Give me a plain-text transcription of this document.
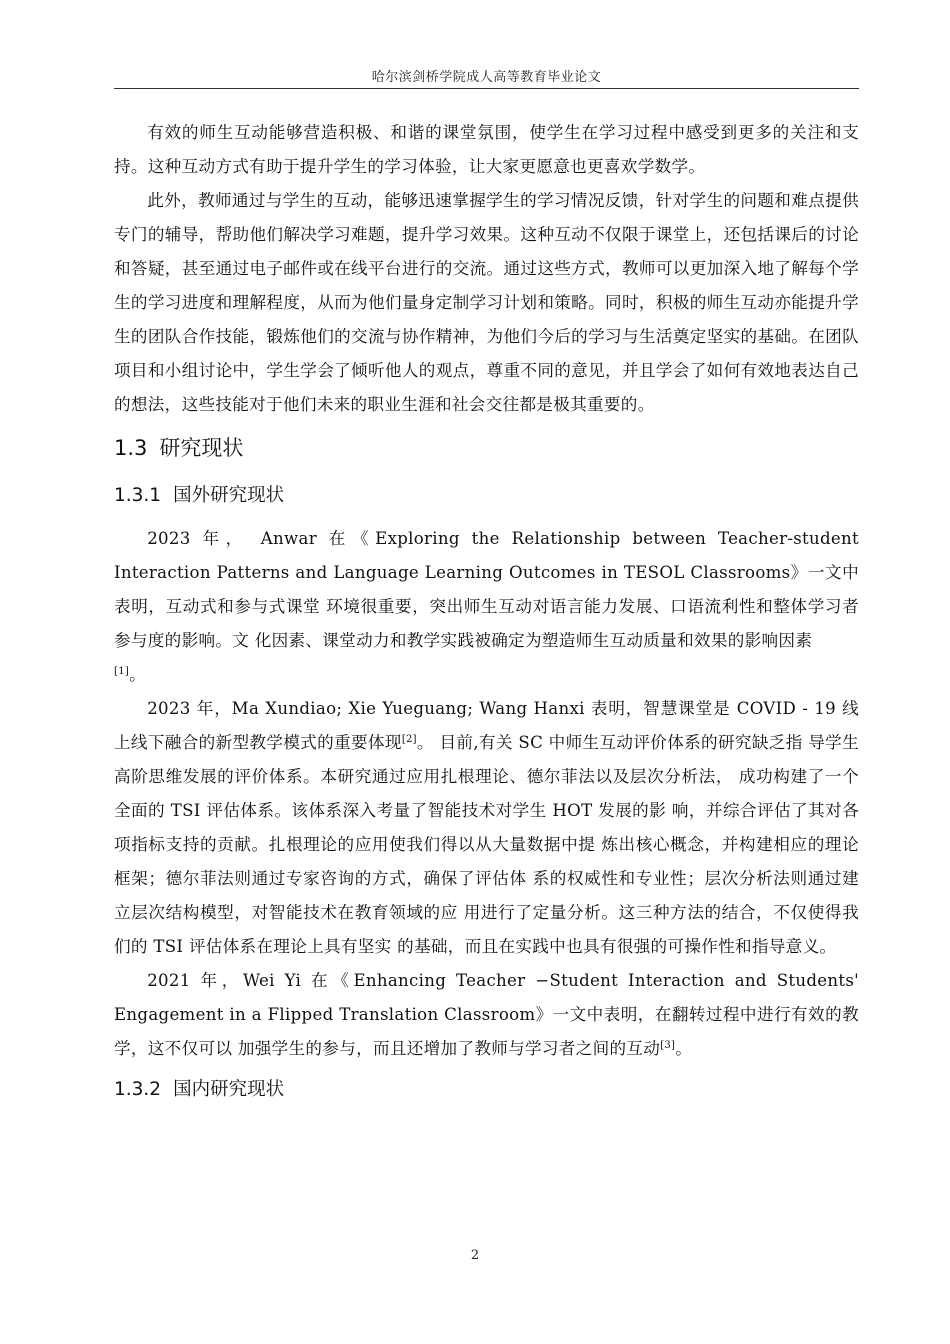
哈尔滨剑桥学院成人高等教育毕业论文

有效的师生互动能够营造积极、和谐的课堂氛围，使学生在学习过程中感受到更多的关注和支持。这种互动方式有助于提升学生的学习体验，让大家更愿意也更喜欢学数学。

此外，教师通过与学生的互动，能够迅速掌握学生的学习情况反馈，针对学生的问题和难点提供专门的辅导，帮助他们解决学习难题，提升学习效果。这种互动不仅限于课堂上，还包括课后的讨论和答疑，甚至通过电子邮件或在线平台进行的交流。通过这些方式，教师可以更加深入地了解每个学生的学习进度和理解程度，从而为他们量身定制学习计划和策略。同时，积极的师生互动亦能提升学生的团队合作技能，锻炼他们的交流与协作精神，为他们今后的学习与生活奠定坚实的基础。在团队项目和小组讨论中，学生学会了倾听他人的观点，尊重不同的意见，并且学会了如何有效地表达自己的想法，这些技能对于他们未来的职业生涯和社会交往都是极其重要的。

1.3 研究现状
1.3.1 国外研究现状

2023 年， Anwar 在《Exploring the Relationship between Teacher-student Interaction Patterns and Language Learning Outcomes in TESOL Classrooms》一文中表明，互动式和参与式课堂 环境很重要，突出师生互动对语言能力发展、口语流利性和整体学习者参与度的影响。文 化因素、课堂动力和教学实践被确定为塑造师生互动质量和效果的影响因素
[1]。

2023 年，Ma Xundiao; Xie Yueguang; Wang Hanxi 表明，智慧课堂是 COVID - 19 线上线下融合的新型教学模式的重要体现[2]。 目前,有关 SC 中师生互动评价体系的研究缺乏指 导学生高阶思维发展的评价体系。本研究通过应用扎根理论、德尔菲法以及层次分析法， 成功构建了一个全面的 TSI 评估体系。该体系深入考量了智能技术对学生 HOT 发展的影 响，并综合评估了其对各项指标支持的贡献。扎根理论的应用使我们得以从大量数据中提 炼出核心概念，并构建相应的理论框架；德尔菲法则通过专家咨询的方式，确保了评估体 系的权威性和专业性；层次分析法则通过建立层次结构模型，对智能技术在教育领域的应 用进行了定量分析。这三种方法的结合，不仅使得我们的 TSI 评估体系在理论上具有坚实 的基础，而且在实践中也具有很强的可操作性和指导意义。

2021 年，Wei Yi 在《Enhancing Teacher −Student Interaction and Students' Engagement in a Flipped Translation Classroom》一文中表明，在翻转过程中进行有效的教学，这不仅可以 加强学生的参与，而且还增加了教师与学习者之间的互动[3]。

1.3.2 国内研究现状
2
